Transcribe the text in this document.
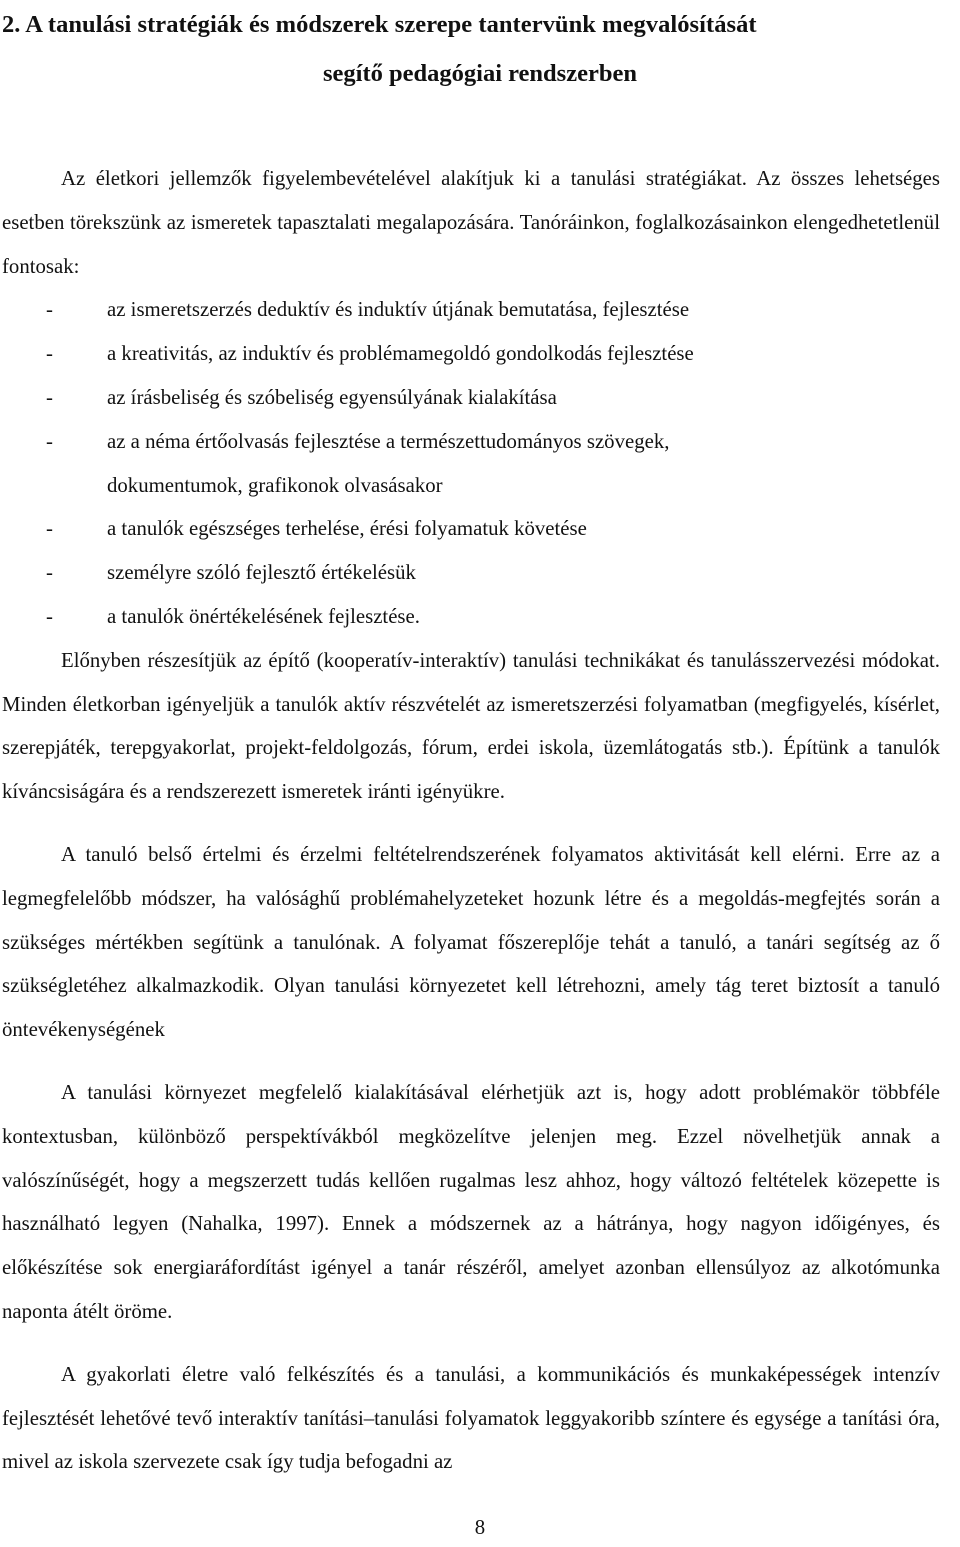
2. A tanulási stratégiák és módszerek szerepe tantervünk megvalósítását
segítő pedagógiai rendszerben

Az életkori jellemzők figyelembevételével alakítjuk ki a tanulási stratégiákat. Az összes lehetséges esetben törekszünk az ismeretek tapasztalati megalapozására. Tanóráinkon, foglalkozásainkon elengedhetetlenül fontosak:

-	az ismeretszerzés deduktív és induktív útjának bemutatása, fejlesztése
-	a kreativitás, az induktív és problémamegoldó gondolkodás fejlesztése
-	az írásbeliség és szóbeliség egyensúlyának kialakítása
-	az a néma értőolvasás fejlesztése a természettudományos szövegek, dokumentumok, grafikonok olvasásakor
-	a tanulók egészséges terhelése, érési folyamatuk követése
-	személyre szóló fejlesztő értékelésük
-	a tanulók önértékelésének fejlesztése.

Előnyben részesítjük az építő (kooperatív-interaktív) tanulási technikákat és tanulásszervezési módokat. Minden életkorban igényeljük a tanulók aktív részvételét az ismeretszerzési folyamatban (megfigyelés, kísérlet, szerepjáték, terepgyakorlat, projekt-feldolgozás, fórum, erdei iskola, üzemlátogatás stb.). Építünk a tanulók kíváncsiságára és a rendszerezett ismeretek iránti igényükre.

A tanuló belső értelmi és érzelmi feltételrendszerének folyamatos aktivitását kell elérni. Erre az a legmegfelelőbb módszer, ha valósághű problémahelyzeteket hozunk létre és a megoldás-megfejtés során a szükséges mértékben segítünk a tanulónak. A folyamat főszereplője tehát a tanuló, a tanári segítség az ő szükségletéhez alkalmazkodik. Olyan tanulási környezetet kell létrehozni, amely tág teret biztosít a tanuló öntevékenységének

A tanulási környezet megfelelő kialakításával elérhetjük azt is, hogy adott problémakör többféle kontextusban, különböző perspektívákból megközelítve jelenjen meg. Ezzel növelhetjük annak a valószínűségét, hogy a megszerzett tudás kellően rugalmas lesz ahhoz, hogy változó feltételek közepette is használható legyen (Nahalka, 1997). Ennek a módszernek az a hátránya, hogy nagyon időigényes, és előkészítése sok energiaráfordítást igényel a tanár részéről, amelyet azonban ellensúlyoz az alkotómunka naponta átélt öröme.

A gyakorlati életre való felkészítés és a tanulási, a kommunikációs és munkaképességek intenzív fejlesztését lehetővé tevő interaktív tanítási–tanulási folyamatok leggyakoribb színtere és egysége a tanítási óra, mivel az iskola szervezete csak így tudja befogadni az

8
